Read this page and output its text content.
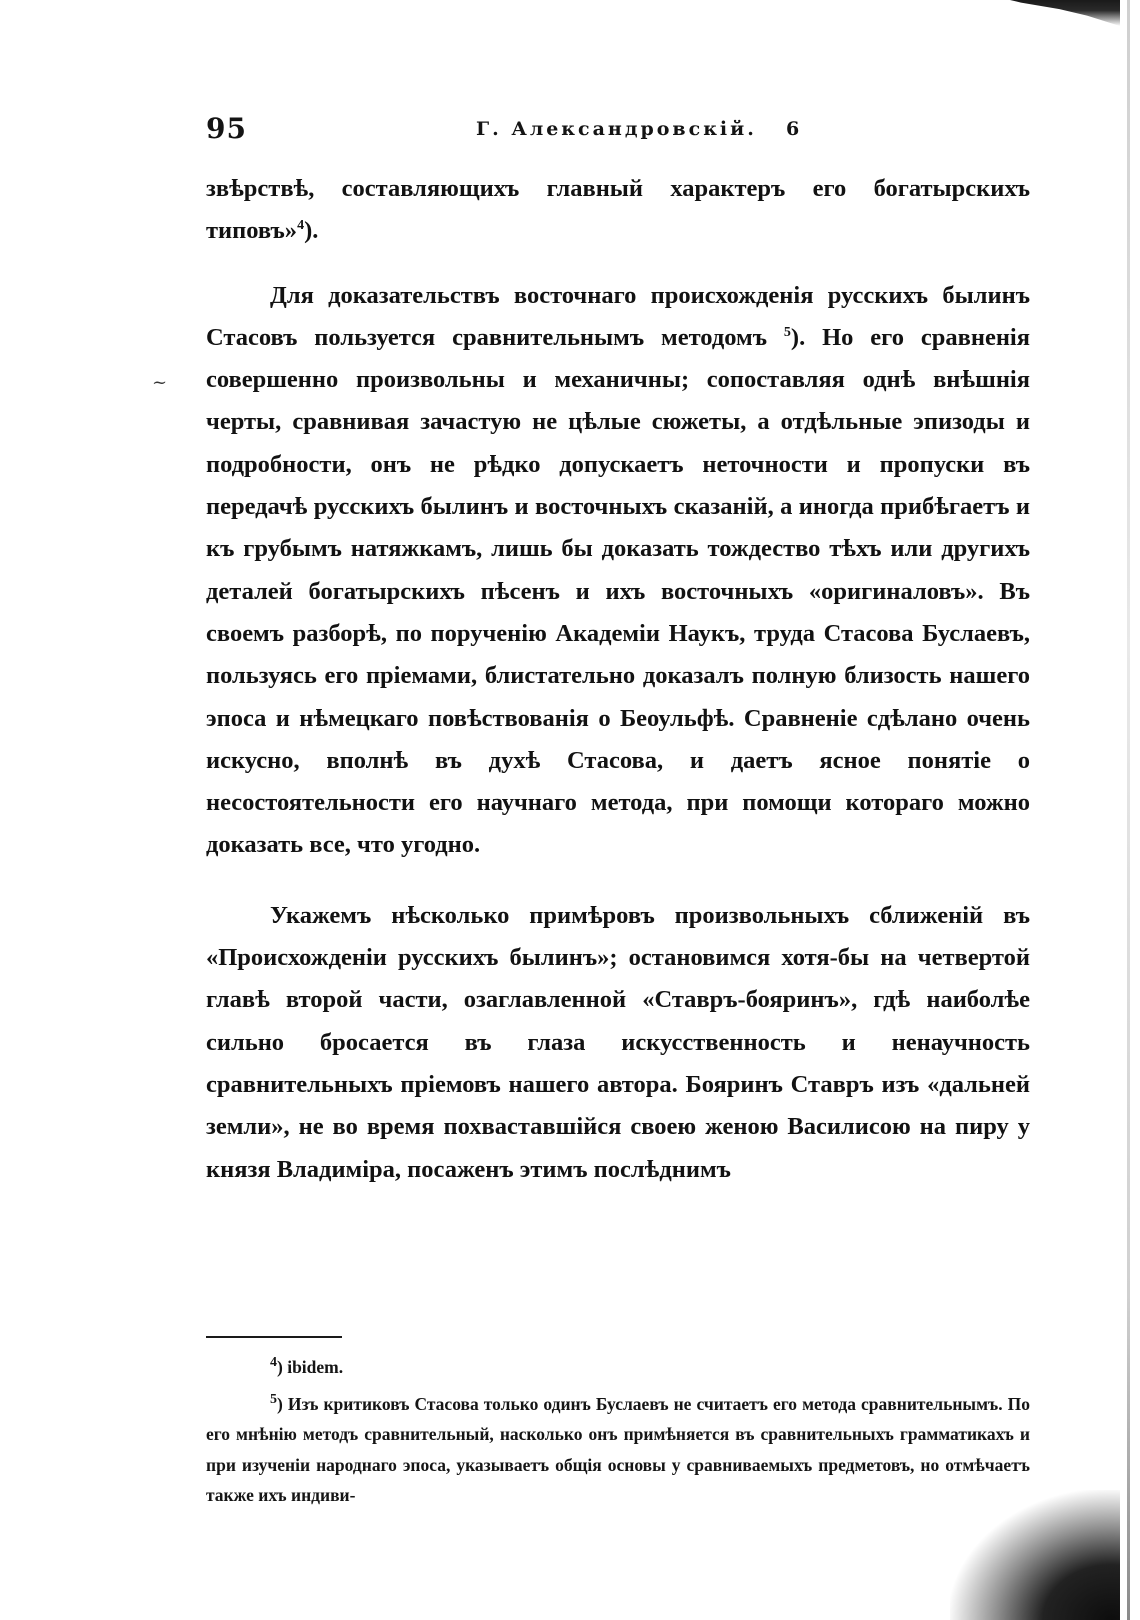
~
95	Г. Александровскій. 6

звѣрствѣ, составляющихъ главный характеръ его богатырскихъ типовъ»$^4$).

Для доказательствъ восточнаго происхожденія русскихъ былинъ Стасовъ пользуется сравнительнымъ методомъ $^5$). Но его сравненія совершенно произвольны и механичны; сопоставляя однѣ внѣшнія черты, сравнивая зачастую не цѣлые сюжеты, а отдѣльные эпизоды и подробности, онъ не рѣдко допускаетъ неточности и пропуски въ передачѣ русскихъ былинъ и восточныхъ сказаній, а иногда прибѣгаетъ и къ грубымъ натяжкамъ, лишь бы доказать тождество тѣхъ или другихъ деталей богатырскихъ пѣсенъ и ихъ восточныхъ «оригиналовъ». Въ своемъ разборѣ, по порученію Академіи Наукъ, труда Стасова Буслаевъ, пользуясь его пріемами, блистательно доказалъ полную близость нашего эпоса и нѣмецкаго повѣствованія о Беоульфѣ. Сравненіе сдѣлано очень искусно, вполнѣ въ духѣ Стасова, и даетъ ясное понятіе о несостоятельности его научнаго метода, при помощи котораго можно доказать все, что угодно.

Укажемъ нѣсколько примѣровъ произвольныхъ сближеній въ «Происхожденіи русскихъ былинъ»; остановимся хотя-бы на четвертой главѣ второй части, озаглавленной «Ставръ-бояринъ», гдѣ наиболѣе сильно бросается въ глаза искусственность и ненаучность сравнительныхъ пріемовъ нашего автора. Бояринъ Ставръ изъ «дальней земли», не во время похваставшійся своею женою Василисою на пиру у князя Владиміра, посаженъ этимъ послѣднимъ

$^4$) ibidem.

$^5$) Изъ критиковъ Стасова только одинъ Буслаевъ не считаетъ его метода сравнительнымъ. По его мнѣнію методъ сравнительный, насколько онъ примѣняется въ сравнительныхъ грамматикахъ и при изученіи народнаго эпоса, указываетъ общія основы у сравниваемыхъ предметовъ, но отмѣчаетъ также ихъ индиви-
